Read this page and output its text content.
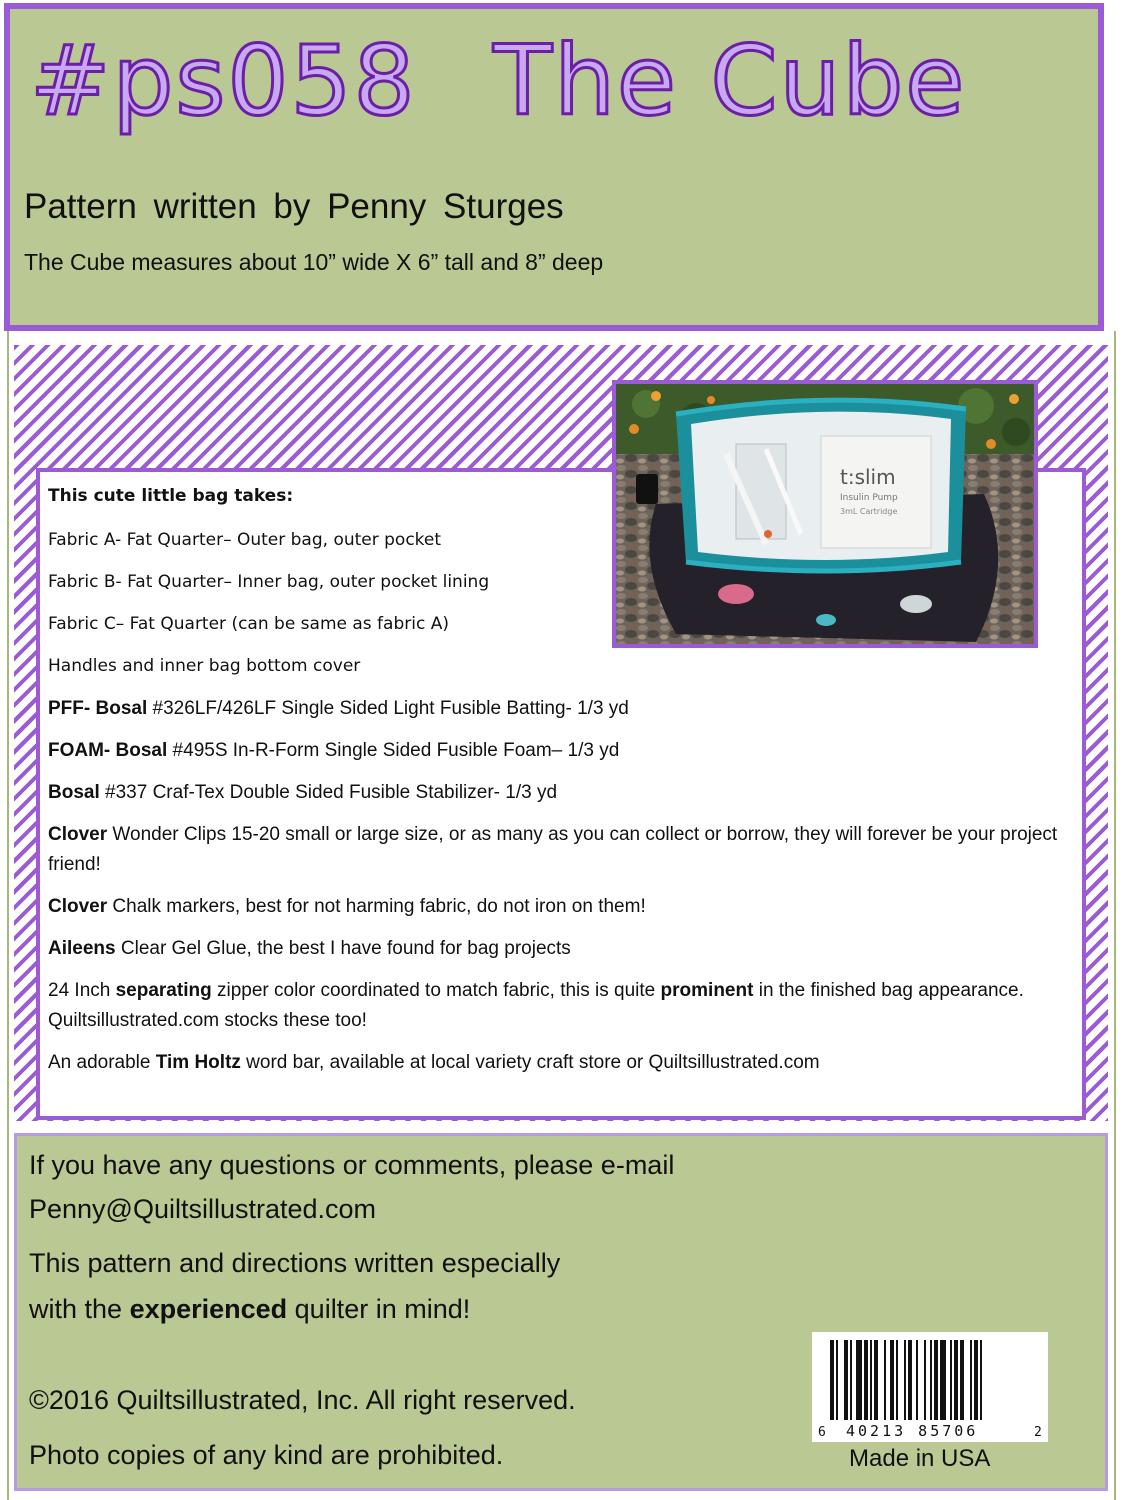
#ps058 The Cube
Pattern written by Penny Sturges
The Cube measures about 10” wide X 6” tall and 8” deep
This cute little bag takes:
Fabric A- Fat Quarter– Outer bag, outer pocket
Fabric B- Fat Quarter– Inner bag, outer pocket lining
Fabric C– Fat Quarter (can be same as fabric A)
Handles and inner bag bottom cover
PFF- Bosal #326LF/426LF Single Sided Light Fusible Batting- 1/3 yd
FOAM- Bosal #495S In-R-Form Single Sided Fusible Foam– 1/3 yd
Bosal #337 Craf-Tex Double Sided Fusible Stabilizer- 1/3 yd
Clover Wonder Clips 15-20 small or large size, or as many as you can collect or borrow, they will forever be your project friend!
Clover Chalk markers, best for not harming fabric, do not iron on them!
Aileens Clear Gel Glue, the best I have found for bag projects
24 Inch separating zipper color coordinated to match fabric, this is quite prominent in the finished bag appearance. Quiltsillustrated.com stocks these too!
An adorable Tim Holtz word bar, available at local variety craft store or Quiltsillustrated.com
t:slim
Insulin Pump
3mL Cartridge
If you have any questions or comments, please e-mail
Penny@Quiltsillustrated.com
This pattern and directions written especially
with the experienced quilter in mind!
©2016 Quiltsillustrated, Inc. All right reserved.
Photo copies of any kind are prohibited.
6 40213 85706	2
Made in USA
